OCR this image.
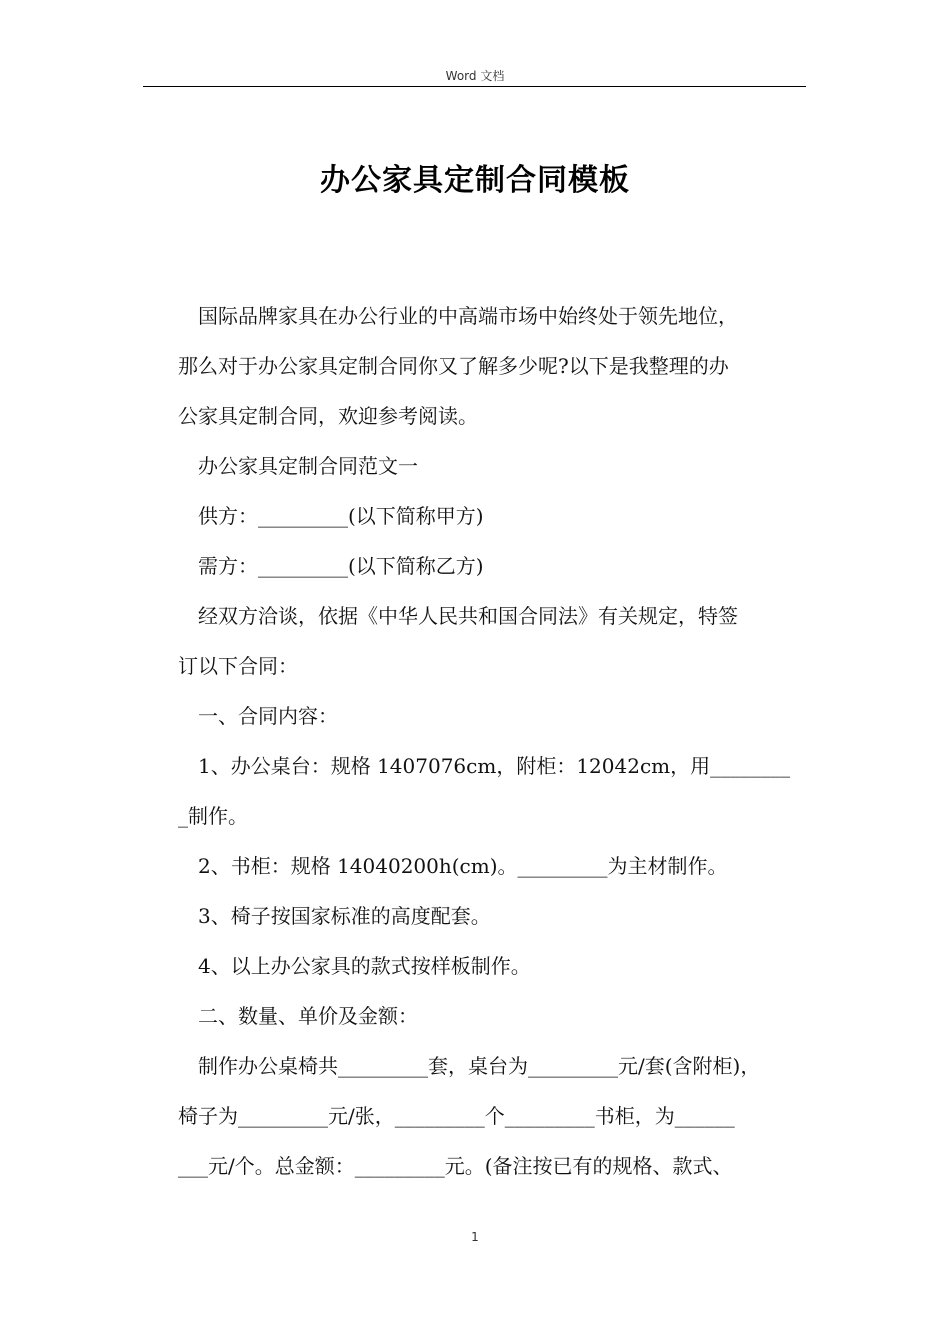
Word 文档
办公家具定制合同模板
国际品牌家具在办公行业的中高端市场中始终处于领先地位，
那么对于办公家具定制合同你又了解多少呢?以下是我整理的办
公家具定制合同，欢迎参考阅读。
办公家具定制合同范文一
供方：_________(以下简称甲方)
需方：_________(以下简称乙方)
经双方洽谈，依据《中华人民共和国合同法》有关规定，特签
订以下合同：
一、合同内容：
1、办公桌台：规格 1407076cm，附柜：12042cm，用________
_制作。
2、书柜：规格 14040200h(cm)。_________为主材制作。
3、椅子按国家标准的高度配套。
4、以上办公家具的款式按样板制作。
二、数量、单价及金额：
制作办公桌椅共_________套，桌台为_________元/套(含附柜)，
椅子为_________元/张，_________个_________书柜，为______
___元/个。总金额：_________元。(备注按已有的规格、款式、
1
